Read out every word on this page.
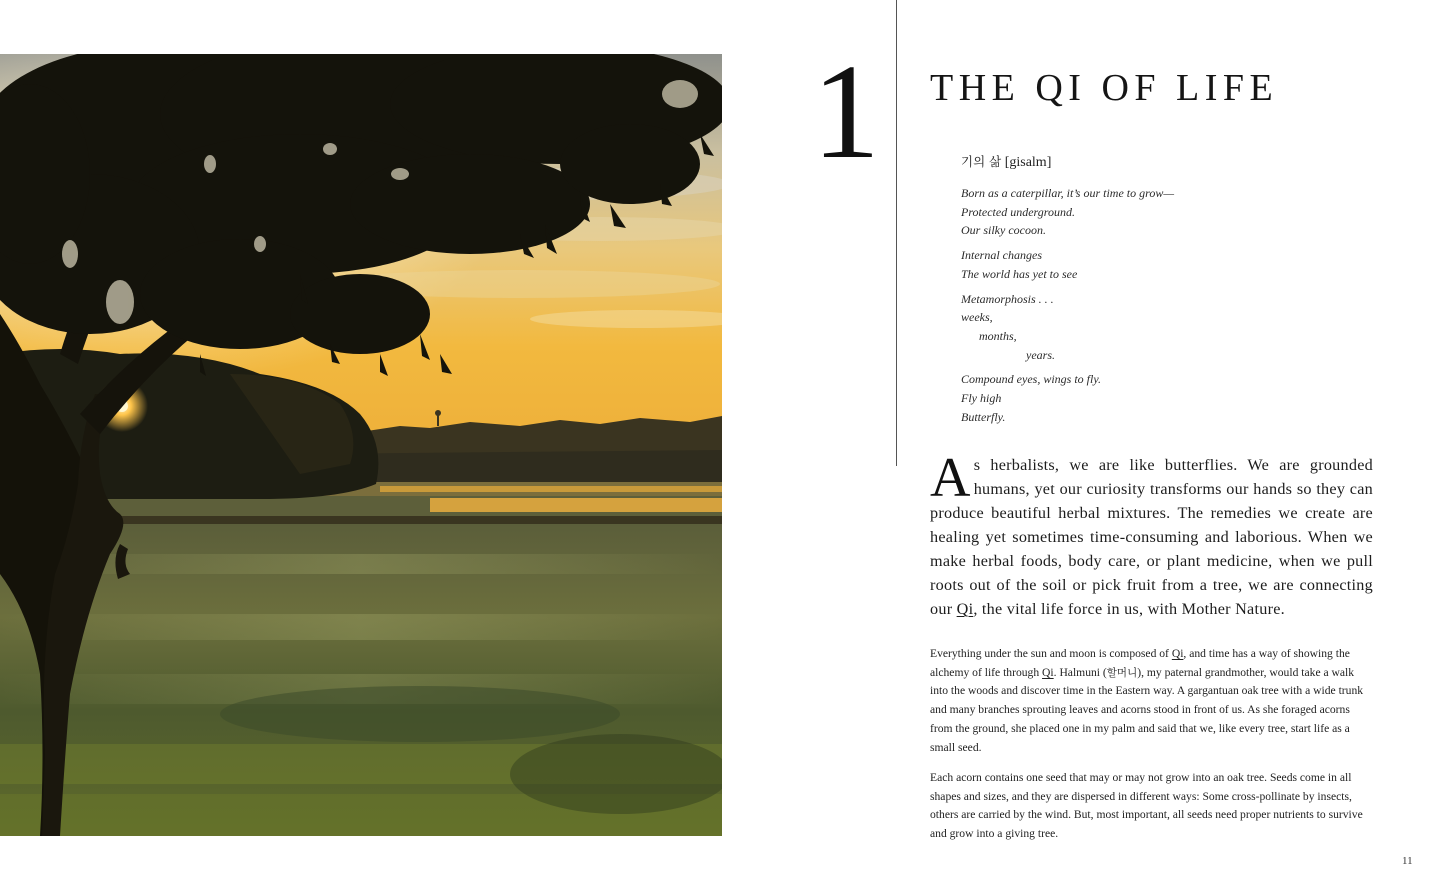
1 THE QI OF LIFE
기의 삶 [gisalm]
Born as a caterpillar, it’s our time to grow—
Protected underground.
Our silky cocoon.
Internal changes
The world has yet to see
Metamorphosis . . .
weeks,
months,
years.
Compound eyes, wings to fly.
Fly high
Butterfly.

As herbalists, we are like butterflies. We are grounded humans, yet our curiosity transforms our hands so they can produce beautiful herbal mixtures. The remedies we create are healing yet sometimes time-consuming and laborious. When we make herbal foods, body care, or plant medicine, when we pull roots out of the soil or pick fruit from a tree, we are connecting our Qi, the vital life force in us, with Mother Nature.

Everything under the sun and moon is composed of Qi, and time has a way of showing the alchemy of life through Qi. Halmuni (할머니), my paternal grandmother, would take a walk into the woods and discover time in the Eastern way. A gargantuan oak tree with a wide trunk and many branches sprouting leaves and acorns stood in front of us. As she foraged acorns from the ground, she placed one in my palm and said that we, like every tree, start life as a small seed.

Each acorn contains one seed that may or may not grow into an oak tree. Seeds come in all shapes and sizes, and they are dispersed in different ways: Some cross-pollinate by insects, others are carried by the wind. But, most important, all seeds need proper nutrients to survive and grow into a giving tree.

11
